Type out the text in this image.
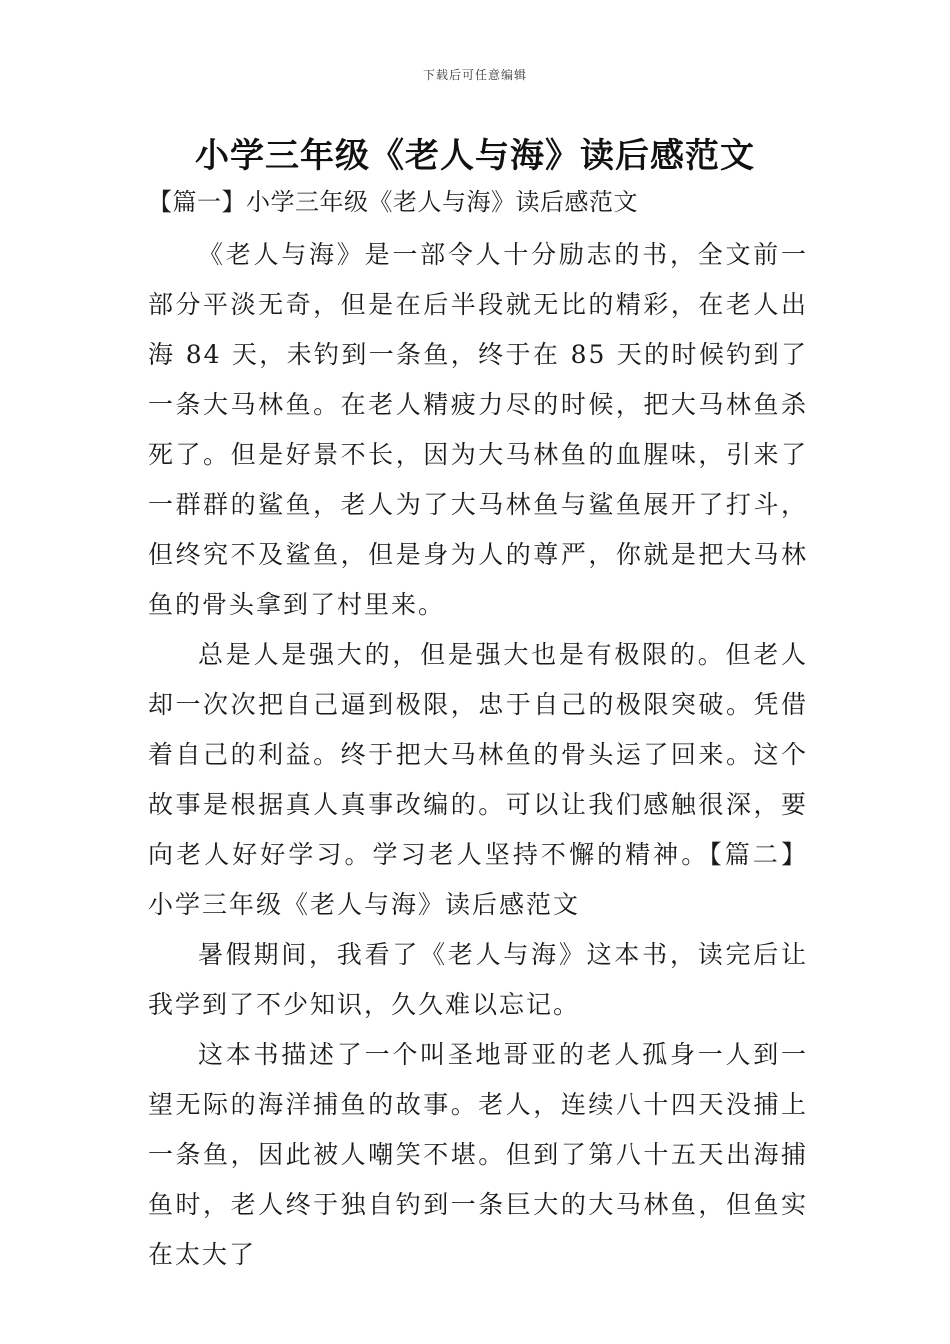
下载后可任意编辑
小学三年级《老人与海》读后感范文
【篇一】小学三年级《老人与海》读后感范文

《老人与海》是一部令人十分励志的书，全文前一部分平淡无奇，但是在后半段就无比的精彩，在老人出海 84 天，未钓到一条鱼，终于在 85 天的时候钓到了一条大马林鱼。在老人精疲力尽的时候，把大马林鱼杀死了。但是好景不长，因为大马林鱼的血腥味，引来了一群群的鲨鱼，老人为了大马林鱼与鲨鱼展开了打斗，但终究不及鲨鱼，但是身为人的尊严，你就是把大马林鱼的骨头拿到了村里来。

总是人是强大的，但是强大也是有极限的。但老人却一次次把自己逼到极限，忠于自己的极限突破。凭借着自己的利益。终于把大马林鱼的骨头运了回来。这个故事是根据真人真事改编的。可以让我们感触很深，要向老人好好学习。学习老人坚持不懈的精神。【篇二】小学三年级《老人与海》读后感范文

暑假期间，我看了《老人与海》这本书，读完后让我学到了不少知识，久久难以忘记。

这本书描述了一个叫圣地哥亚的老人孤身一人到一望无际的海洋捕鱼的故事。老人，连续八十四天没捕上一条鱼，因此被人嘲笑不堪。但到了第八十五天出海捕鱼时，老人终于独自钓到一条巨大的大马林鱼，但鱼实在太大了
